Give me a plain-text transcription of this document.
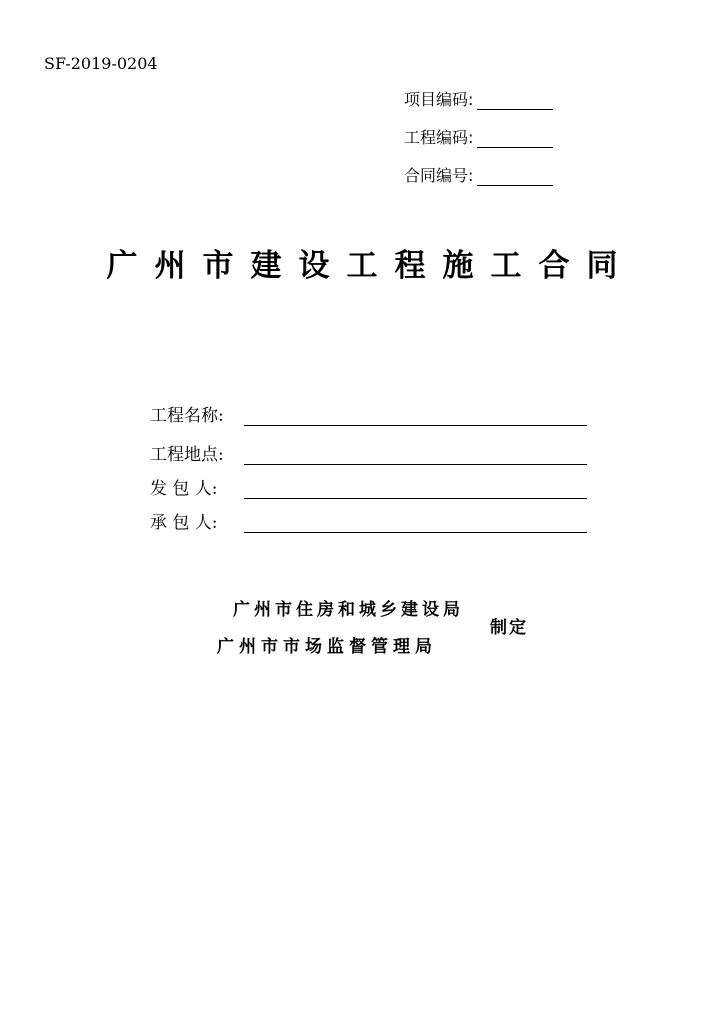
SF-2019-0204
项目编码:
工程编码:
合同编号:
广州市建设工程施工合同
工程名称:
工程地点:
发 包 人:
承 包 人:
广州市住房和城乡建设局
广州市市场监督管理局
制定
